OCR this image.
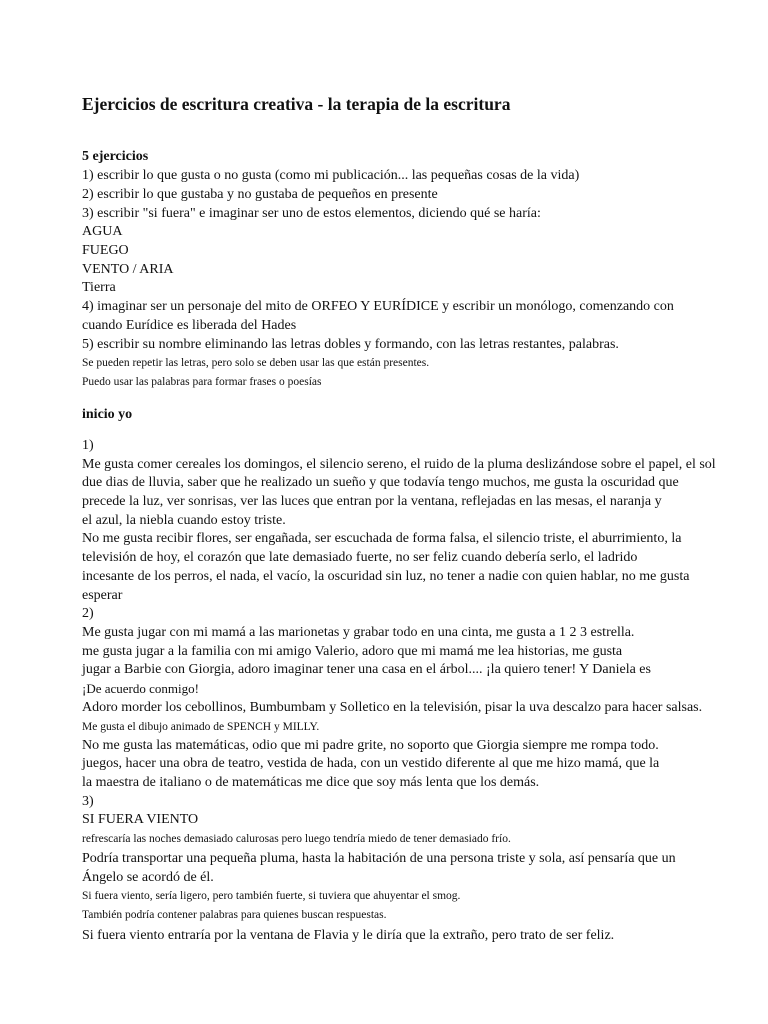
Ejercicios de escritura creativa - la terapia de la escritura
5 ejercicios
1) escribir lo que gusta o no gusta (como mi publicación... las pequeñas cosas de la vida)
2) escribir lo que gustaba y no gustaba de pequeños en presente
3) escribir "si fuera" e imaginar ser uno de estos elementos, diciendo qué se haría:
AGUA
FUEGO
VENTO / ARIA
Tierra
4) imaginar ser un personaje del mito de ORFEO Y EURÍDICE y escribir un monólogo, comenzando con
cuando Eurídice es liberada del Hades
5) escribir su nombre eliminando las letras dobles y formando, con las letras restantes, palabras.
Se pueden repetir las letras, pero solo se deben usar las que están presentes.
Puedo usar las palabras para formar frases o poesías
inicio yo
1)
Me gusta comer cereales los domingos, el silencio sereno, el ruido de la pluma deslizándose sobre el papel, el sol
due dias de lluvia, saber que he realizado un sueño y que todavía tengo muchos, me gusta la oscuridad que
precede la luz, ver sonrisas, ver las luces que entran por la ventana, reflejadas en las mesas, el naranja y
el azul, la niebla cuando estoy triste.
No me gusta recibir flores, ser engañada, ser escuchada de forma falsa, el silencio triste, el aburrimiento, la
televisión de hoy, el corazón que late demasiado fuerte, no ser feliz cuando debería serlo, el ladrido
incesante de los perros, el nada, el vacío, la oscuridad sin luz, no tener a nadie con quien hablar, no me gusta
esperar
2)
Me gusta jugar con mi mamá a las marionetas y grabar todo en una cinta, me gusta a 1 2 3 estrella.
me gusta jugar a la familia con mi amigo Valerio, adoro que mi mamá me lea historias, me gusta
jugar a Barbie con Giorgia, adoro imaginar tener una casa en el árbol.... ¡la quiero tener! Y Daniela es
¡De acuerdo conmigo!
Adoro morder los cebollinos, Bumbumbam y Solletico en la televisión, pisar la uva descalzo para hacer salsas.
Me gusta el dibujo animado de SPENCH y MILLY.
No me gusta las matemáticas, odio que mi padre grite, no soporto que Giorgia siempre me rompa todo.
juegos, hacer una obra de teatro, vestida de hada, con un vestido diferente al que me hizo mamá, que la
la maestra de italiano o de matemáticas me dice que soy más lenta que los demás.
3)
SI FUERA VIENTO
refrescaría las noches demasiado calurosas pero luego tendría miedo de tener demasiado frío.
Podría transportar una pequeña pluma, hasta la habitación de una persona triste y sola, así pensaría que un
Ángelo se acordó de él.
Si fuera viento, sería ligero, pero también fuerte, si tuviera que ahuyentar el smog.
También podría contener palabras para quienes buscan respuestas.
Si fuera viento entraría por la ventana de Flavia y le diría que la extraño, pero trato de ser feliz.
